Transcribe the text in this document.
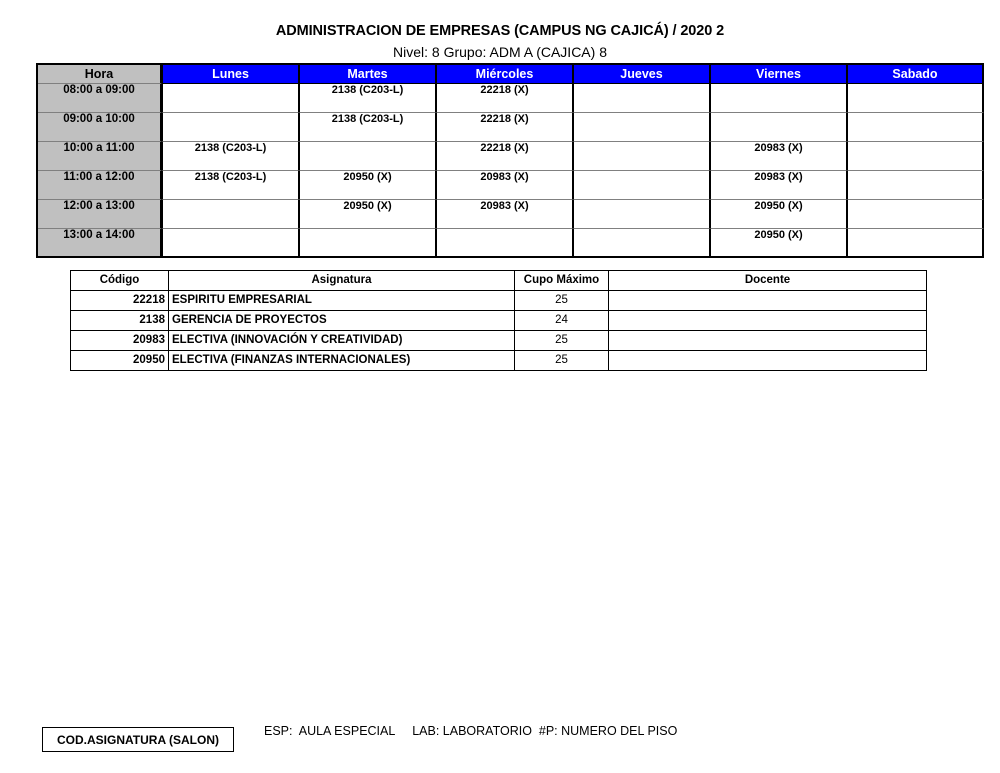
ADMINISTRACION DE EMPRESAS (CAMPUS NG CAJICÁ) / 2020 2
Nivel: 8 Grupo: ADM A (CAJICA) 8
Hora	Lunes	Martes	Miércoles	Jueves	Viernes	Sabado
08:00 a 09:00		2138 (C203-L)	22218 (X)			
09:00 a 10:00		2138 (C203-L)	22218 (X)			
10:00 a 11:00	2138 (C203-L)		22218 (X)		20983 (X)	
11:00 a 12:00	2138 (C203-L)	20950 (X)	20983 (X)		20983 (X)	
12:00 a 13:00		20950 (X)	20983 (X)		20950 (X)	
13:00 a 14:00					20950 (X)	
Código	Asignatura	Cupo Máximo	Docente
22218	ESPIRITU EMPRESARIAL	25	
2138	GERENCIA DE PROYECTOS	24	
20983	ELECTIVA (INNOVACIÓN Y CREATIVIDAD)	25	
20950	ELECTIVA (FINANZAS INTERNACIONALES)	25	
COD.ASIGNATURA (SALON)
ESP:  AULA ESPECIAL     LAB: LABORATORIO  #P: NUMERO DEL PISO
